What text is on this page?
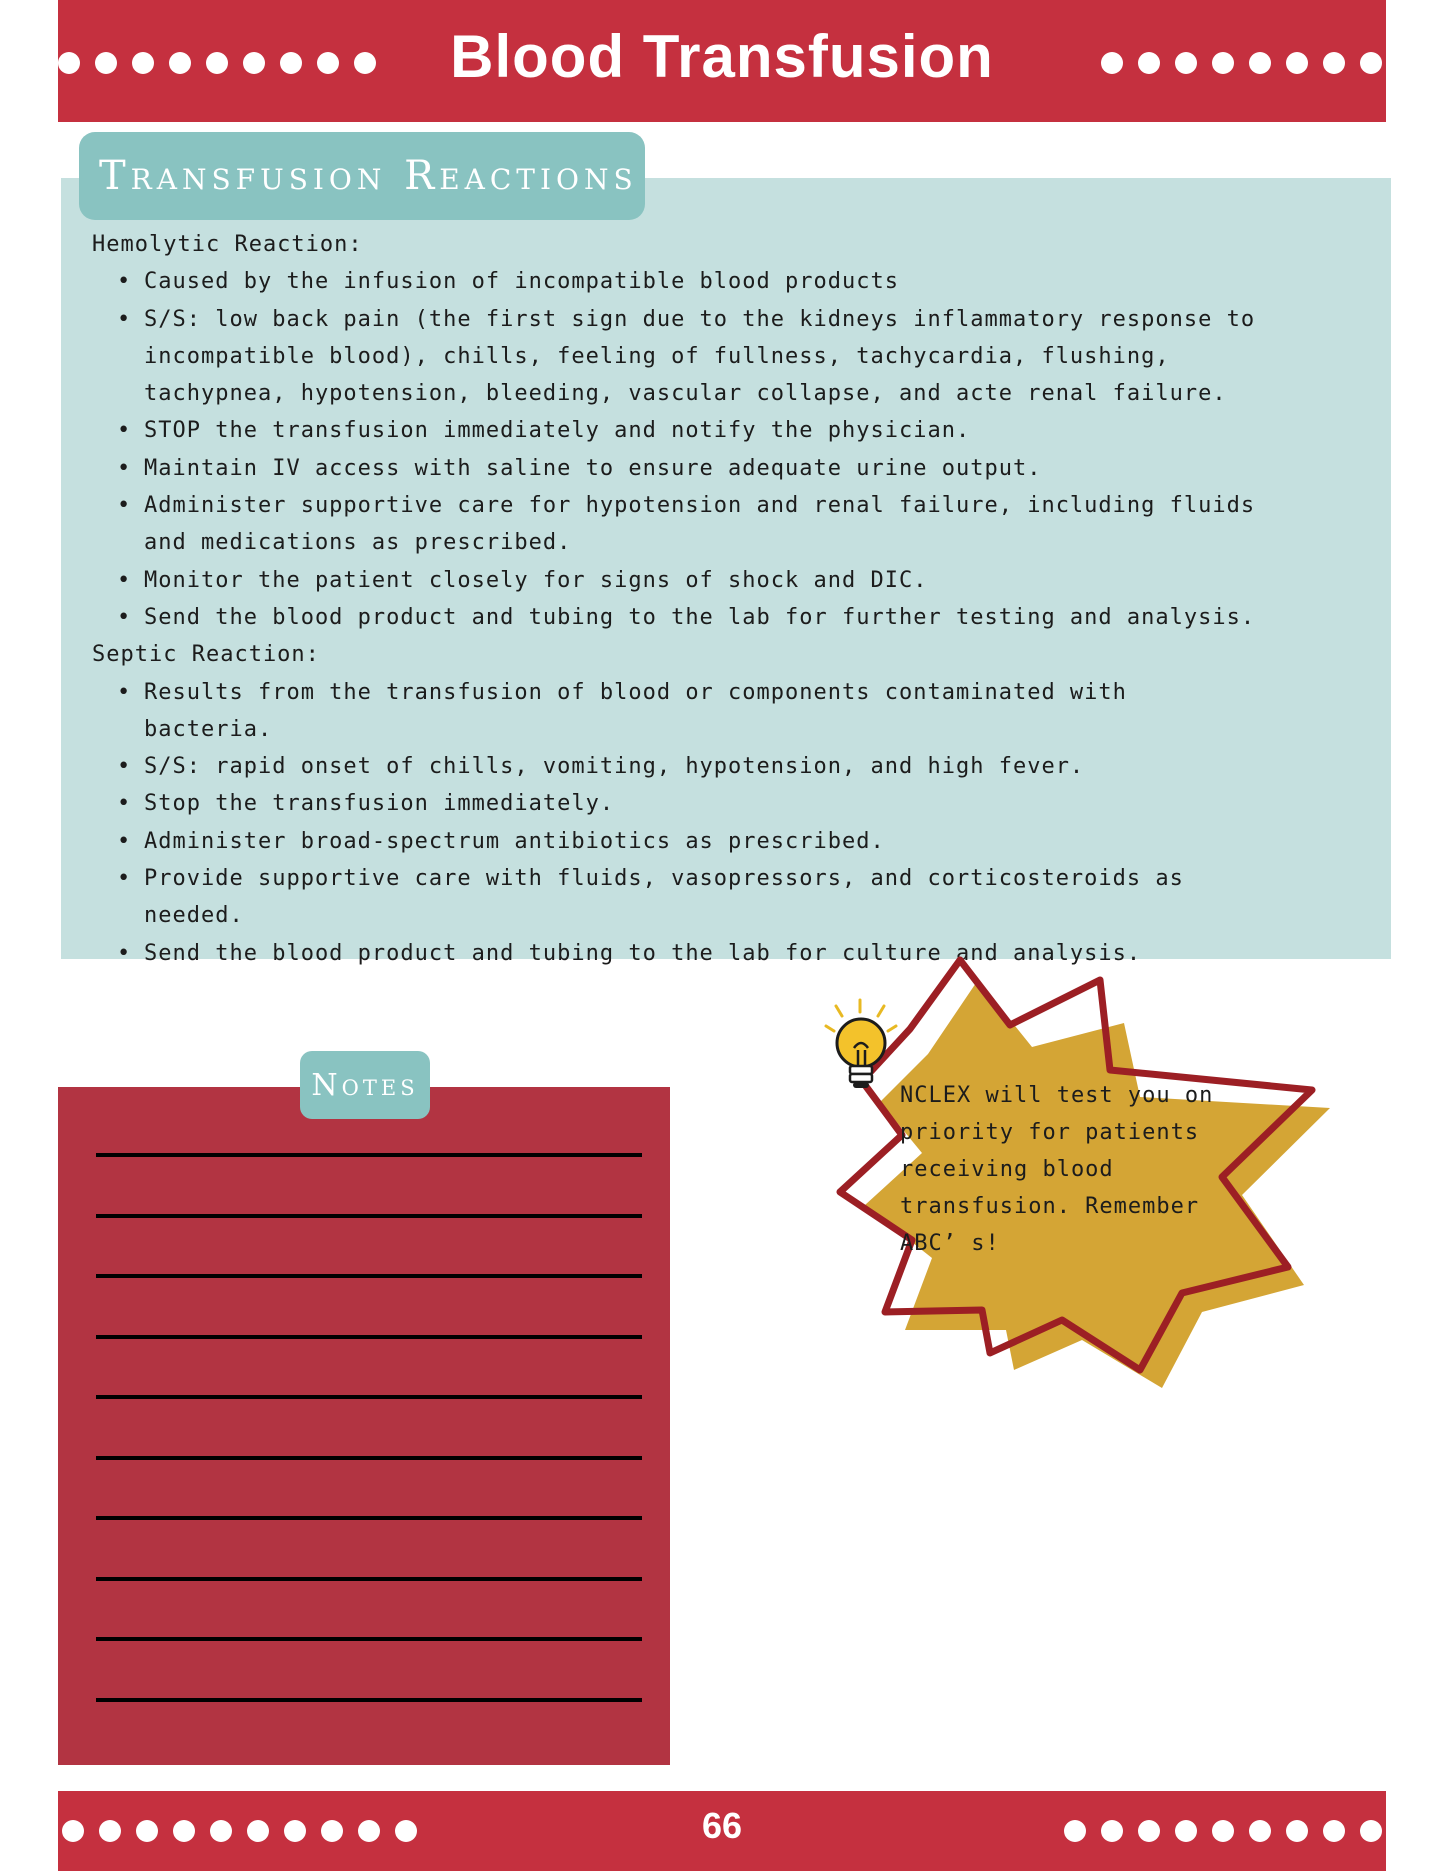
Blood Transfusion
Transfusion Reactions

Hemolytic Reaction:

• Caused by the infusion of incompatible blood products
• S/S: low back pain (the first sign due to the kidneys inflammatory response to incompatible blood), chills, feeling of fullness, tachycardia, flushing, tachypnea, hypotension, bleeding, vascular collapse, and acte renal failure.
• STOP the transfusion immediately and notify the physician.
• Maintain IV access with saline to ensure adequate urine output.
• Administer supportive care for hypotension and renal failure, including fluids and medications as prescribed.
• Monitor the patient closely for signs of shock and DIC.
• Send the blood product and tubing to the lab for further testing and analysis.

Septic Reaction:

• Results from the transfusion of blood or components contaminated with bacteria.
• S/S: rapid onset of chills, vomiting, hypotension, and high fever.
• Stop the transfusion immediately.
• Administer broad-spectrum antibiotics as prescribed.
• Provide supportive care with fluids, vasopressors, and corticosteroids as needed.
• Send the blood product and tubing to the lab for culture and analysis.
Notes	NCLEX will test you on priority for patients receiving blood transfusion. Remember ABC’ s!
66
